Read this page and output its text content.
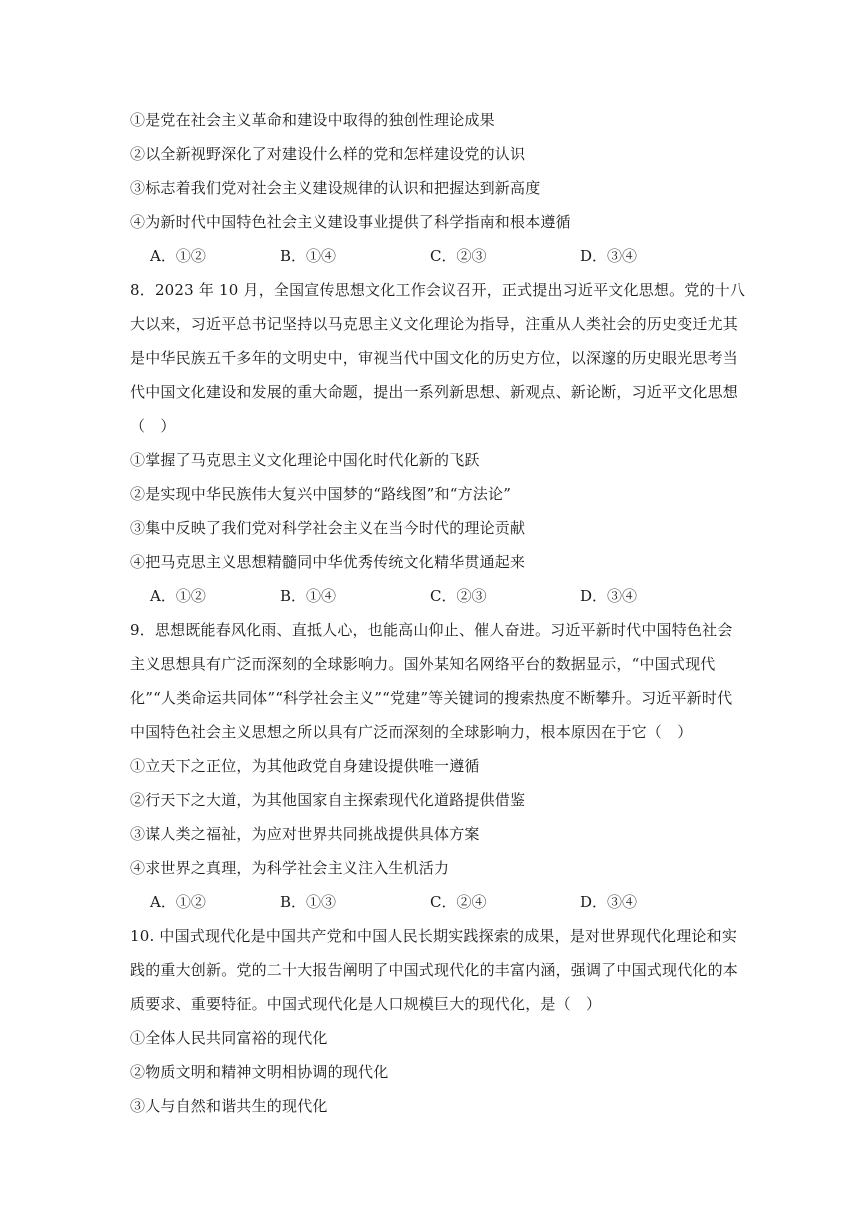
①是党在社会主义革命和建设中取得的独创性理论成果
②以全新视野深化了对建设什么样的党和怎样建设党的认识
③标志着我们党对社会主义建设规律的认识和把握达到新高度
④为新时代中国特色社会主义建设事业提供了科学指南和根本遵循
A．①②	B．①④	C．②③	D．③④
8．2023 年 10 月，全国宣传思想文化工作会议召开，正式提出习近平文化思想。党的十八
大以来，习近平总书记坚持以马克思主义文化理论为指导，注重从人类社会的历史变迁尤其
是中华民族五千多年的文明史中，审视当代中国文化的历史方位，以深邃的历史眼光思考当
代中国文化建设和发展的重大命题，提出一系列新思想、新观点、新论断，习近平文化思想
（　）
①掌握了马克思主义文化理论中国化时代化新的飞跃
②是实现中华民族伟大复兴中国梦的“路线图”和“方法论”
③集中反映了我们党对科学社会主义在当今时代的理论贡献
④把马克思主义思想精髓同中华优秀传统文化精华贯通起来
A．①②	B．①④	C．②③	D．③④
9．思想既能春风化雨、直抵人心，也能高山仰止、催人奋进。习近平新时代中国特色社会
主义思想具有广泛而深刻的全球影响力。国外某知名网络平台的数据显示，“中国式现代
化”“人类命运共同体”“科学社会主义”“党建”等关键词的搜索热度不断攀升。习近平新时代
中国特色社会主义思想之所以具有广泛而深刻的全球影响力，根本原因在于它（　）
①立天下之正位，为其他政党自身建设提供唯一遵循
②行天下之大道，为其他国家自主探索现代化道路提供借鉴
③谋人类之福祉，为应对世界共同挑战提供具体方案
④求世界之真理，为科学社会主义注入生机活力
A．①②	B．①③	C．②④	D．③④
10. 中国式现代化是中国共产党和中国人民长期实践探索的成果，是对世界现代化理论和实
践的重大创新。党的二十大报告阐明了中国式现代化的丰富内涵，强调了中国式现代化的本
质要求、重要特征。中国式现代化是人口规模巨大的现代化，是（　）
①全体人民共同富裕的现代化
②物质文明和精神文明相协调的现代化
③人与自然和谐共生的现代化
